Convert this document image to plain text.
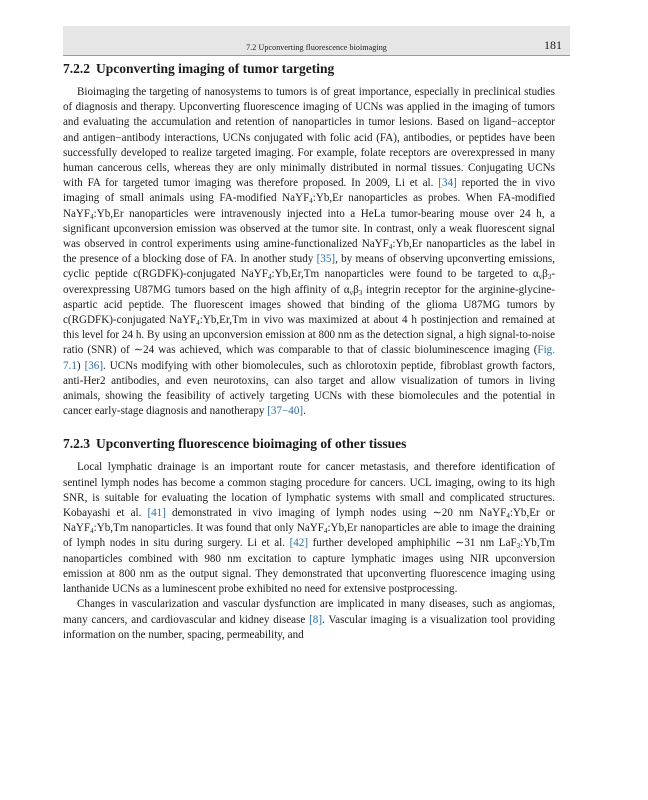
7.2 Upconverting fluorescence bioimaging	181
7.2.2 Upconverting imaging of tumor targeting

Bioimaging the targeting of nanosystems to tumors is of great importance, especially in preclinical studies of diagnosis and therapy. Upconverting fluorescence imaging of UCNs was applied in the imaging of tumors and evaluating the accumulation and retention of nanoparticles in tumor lesions. Based on ligand−acceptor and antigen−antibody interactions, UCNs conjugated with folic acid (FA), antibodies, or peptides have been successfully developed to realize targeted imaging. For example, folate receptors are overexpressed in many human cancerous cells, whereas they are only minimally distributed in normal tissues. Conjugating UCNs with FA for targeted tumor imaging was therefore proposed. In 2009, Li et al. [34] reported the in vivo imaging of small animals using FA-modified NaYF$_4$:Yb,Er nanoparticles as probes. When FA-modified NaYF$_4$:Yb,Er nanoparticles were intravenously injected into a HeLa tumor-bearing mouse over 24 h, a significant upconversion emission was observed at the tumor site. In contrast, only a weak fluorescent signal was observed in control experiments using amine-functionalized NaYF$_4$:Yb,Er nanoparticles as the label in the presence of a blocking dose of FA. In another study [35], by means of observing upconverting emissions, cyclic peptide c(RGDFK)-conjugated NaYF$_4$:Yb,Er,Tm nanoparticles were found to be targeted to $\alpha_v\beta_3$-overexpressing U87MG tumors based on the high affinity of $\alpha_v\beta_3$ integrin receptor for the arginine-glycine-aspartic acid peptide. The fluorescent images showed that binding of the glioma U87MG tumors by c(RGDFK)-conjugated NaYF$_4$:Yb,Er,Tm in vivo was maximized at about 4 h postinjection and remained at this level for 24 h. By using an upconversion emission at 800 nm as the detection signal, a high signal-to-noise ratio (SNR) of ∼24 was achieved, which was comparable to that of classic bioluminescence imaging (Fig. 7.1) [36]. UCNs modifying with other biomolecules, such as chlorotoxin peptide, fibroblast growth factors, anti-Her2 antibodies, and even neurotoxins, can also target and allow visualization of tumors in living animals, showing the feasibility of actively targeting UCNs with these biomolecules and the potential in cancer early-stage diagnosis and nanotherapy [37−40].

7.2.3 Upconverting fluorescence bioimaging of other tissues

Local lymphatic drainage is an important route for cancer metastasis, and therefore identification of sentinel lymph nodes has become a common staging procedure for cancers. UCL imaging, owing to its high SNR, is suitable for evaluating the location of lymphatic systems with small and complicated structures. Kobayashi et al. [41] demonstrated in vivo imaging of lymph nodes using ∼20 nm NaYF$_4$:Yb,Er or NaYF$_4$:Yb,Tm nanoparticles. It was found that only NaYF$_4$:Yb,Er nanoparticles are able to image the draining of lymph nodes in situ during surgery. Li et al. [42] further developed amphiphilic ∼31 nm LaF$_3$:Yb,Tm nanoparticles combined with 980 nm excitation to capture lymphatic images using NIR upconversion emission at 800 nm as the output signal. They demonstrated that upconverting fluorescence imaging using lanthanide UCNs as a luminescent probe exhibited no need for extensive postprocessing.

Changes in vascularization and vascular dysfunction are implicated in many diseases, such as angiomas, many cancers, and cardiovascular and kidney disease [8]. Vascular imaging is a visualization tool providing information on the number, spacing, permeability, and
